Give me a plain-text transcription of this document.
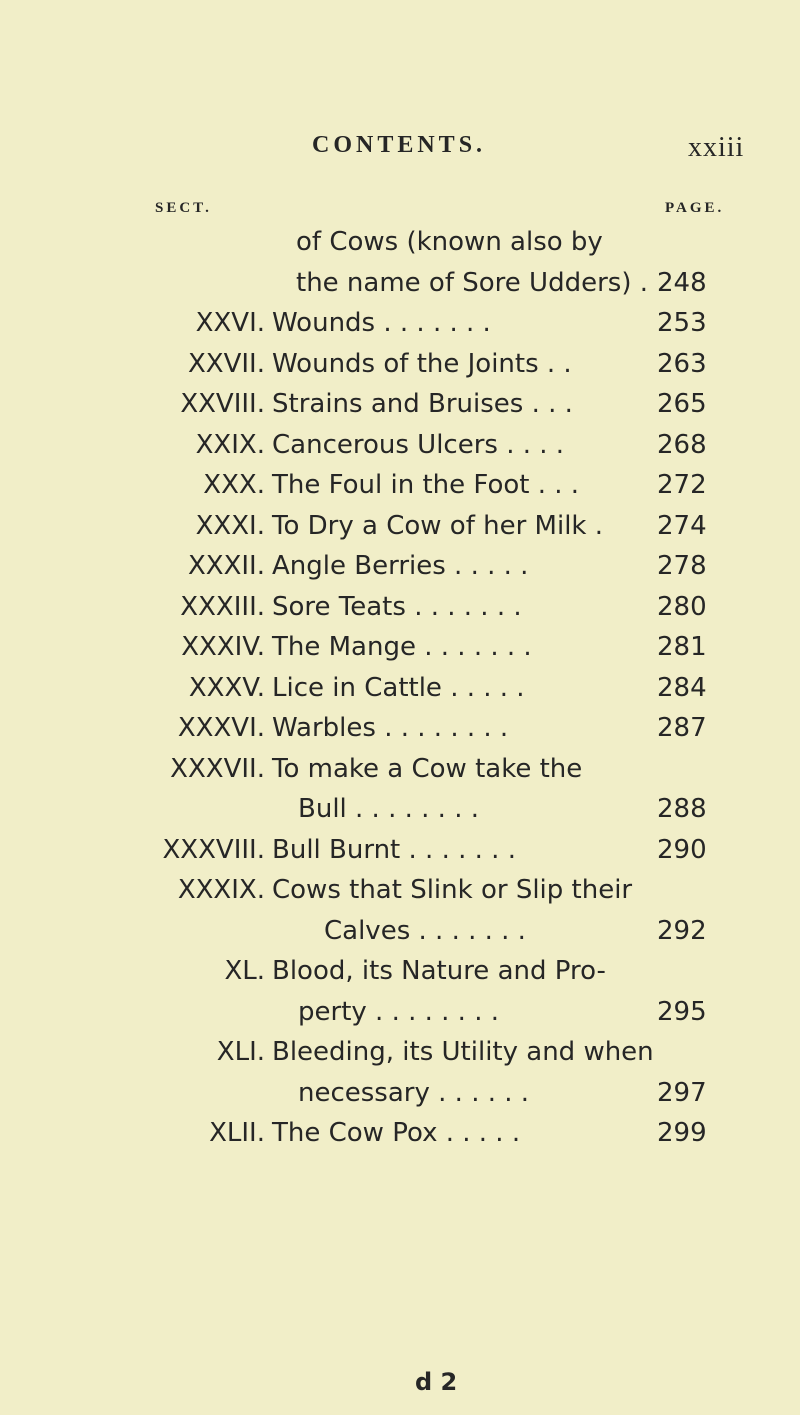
CONTENTS.	xxiii
SECT.	PAGE.
of Cows (known also by
the name of Sore Udders) . 248
XXVI. Wounds . . . . . . .	253
XXVII. Wounds of the Joints . .	263
XXVIII. Strains and Bruises . . .	265
XXIX. Cancerous Ulcers . . . .	268
XXX. The Foul in the Foot . . .	272
XXXI. To Dry a Cow of her Milk . 274
XXXII. Angle Berries . . . . .	278
XXXIII. Sore Teats . . . . . . .	280
XXXIV. The Mange . . . . . . .	281
XXXV. Lice in Cattle . . . . .	284
XXXVI. Warbles . . . . . . . .	287
XXXVII. To make a Cow take the
Bull . . . . . . . .	288
XXXVIII. Bull Burnt . . . . . . .	290
XXXIX. Cows that Slink or Slip their
Calves . . . . . . .	292
XL. Blood, its Nature and Pro-
perty . . . . . . . .	295
XLI. Bleeding, its Utility and when
necessary . . . . . .	297
XLII. The Cow Pox . . . . .	299
d 2
